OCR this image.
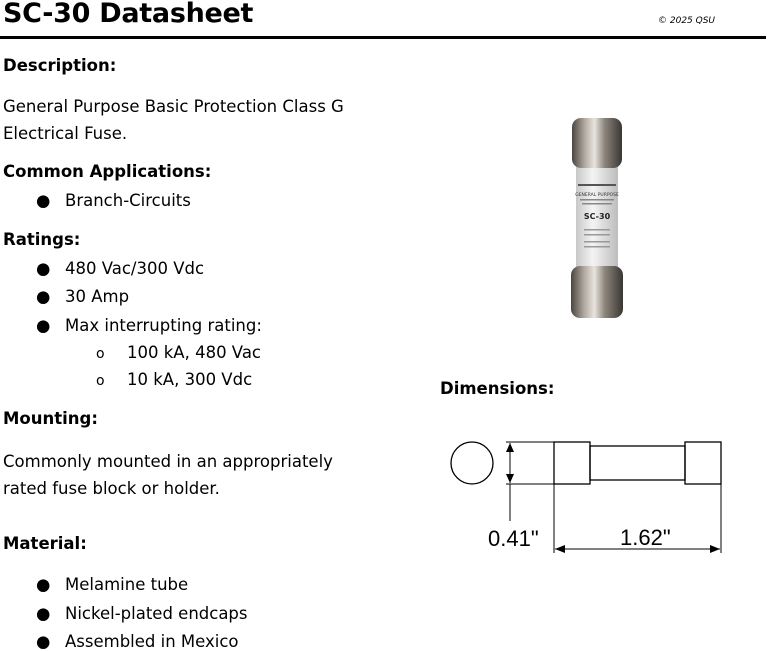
SC-30 Datasheet	© 2025 QSU
Description:
General Purpose Basic Protection Class G
Electrical Fuse.
Common Applications:
● Branch-Circuits
Ratings:
● 480 Vac/300 Vdc
● 30 Amp
● Max interrupting rating:
o 100 kA, 480 Vac
o 10 kA, 300 Vdc
Mounting:
Commonly mounted in an appropriately
rated fuse block or holder.
Material:
● Melamine tube
● Nickel-plated endcaps
● Assembled in Mexico
GENERAL PURPOSE
SC-30
Dimensions:
0.41"	1.62"
